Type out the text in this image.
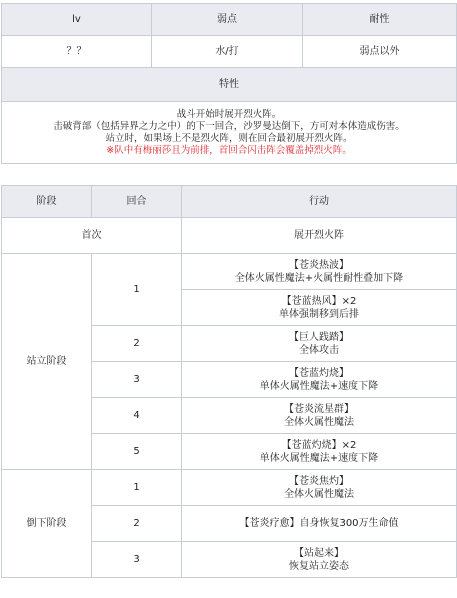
lv	弱点	耐性
？？	水/打	弱点以外
特性		

战斗开始时展开烈火阵。
击破背部（包括异界之力之中）的下一回合，沙罗曼达倒下，方可对本体造成伤害。
站立时，如果场上不是烈火阵，则在回合最初展开烈火阵。
※队中有梅丽莎且为前排，首回合闪击阵会覆盖掉烈火阵。		
阶段	回合	行动
首次		展开烈火阵
站立阶段	1	【苍炎热波】
全体火属性魔法+火属性耐性叠加下降

		【苍蓝热风】×2
单体强制移到后排

	2	【巨人践踏】
全体攻击

	3	【苍蓝灼烧】
单体火属性魔法+速度下降

	4	【苍炎流星群】
全体火属性魔法

	5	【苍蓝灼烧】×2
单体火属性魔法+速度下降

倒下阶段	1	【苍炎焦灼】
全体火属性魔法

	2	【苍炎疗愈】自身恢复300万生命值

	3	【站起来】
恢复站立姿态
